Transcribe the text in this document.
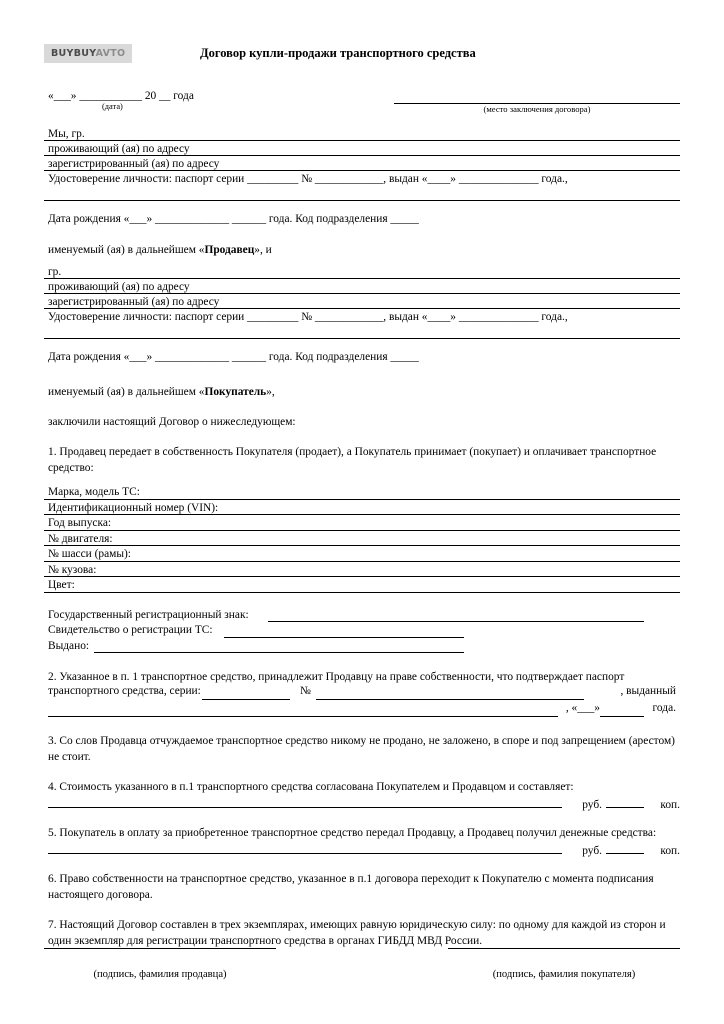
BUYBUYAVTO	Договор купли-продажи транспортного средства
«___» ___________ 20 __ года
(дата)	(место заключения договора)
Мы, гр.
проживающий (ая) по адресу
зарегистрированный (ая) по адресу
Удостоверение личности: паспорт серии _________ № ____________, выдан «____» ______________ года.,
Дата рождения «___» _____________ ______ года. Код подразделения _____

именуемый (ая) в дальнейшем «Продавец», и

гр.
проживающий (ая) по адресу
зарегистрированный (ая) по адресу
Удостоверение личности: паспорт серии _________ № ____________, выдан «____» ______________ года.,
Дата рождения «___» _____________ ______ года. Код подразделения _____

именуемый (ая) в дальнейшем «Покупатель»,

заключили настоящий Договор о нижеследующем:

1. Продавец передает в собственность Покупателя (продает), а Покупатель принимает (покупает) и оплачивает транспортное средство:

Марка, модель ТС:
Идентификационный номер (VIN):
Год выпуска:
№ двигателя:
№ шасси (рамы):
№ кузова:
Цвет:
Государственный регистрационный знак:
Свидетельство о регистрации ТС:
Выдано:

2. Указанное в п. 1 транспортное средство, принадлежит Продавцу на праве собственности, что подтверждает паспорт

транспортного средства, серии:	№	, выданный
, «___»	года.

3. Со слов Продавца отчуждаемое транспортное средство никому не продано, не заложено, в споре и под запрещением (арестом) не стоит.

4. Стоимость указанного в п.1 транспортного средства согласована Покупателем и Продавцом и составляет:

руб.	коп.

5. Покупатель в оплату за приобретенное транспортное средство передал Продавцу, а Продавец получил денежные средства:

руб.	коп.

6. Право собственности на транспортное средство, указанное в п.1 договора переходит к Покупателю с момента подписания настоящего договора.

7. Настоящий Договор составлен в трех экземплярах, имеющих равную юридическую силу: по одному для каждой из сторон и один экземпляр для регистрации транспортного средства в органах ГИБДД МВД России.

(подпись, фамилия продавца)	(подпись, фамилия покупателя)
